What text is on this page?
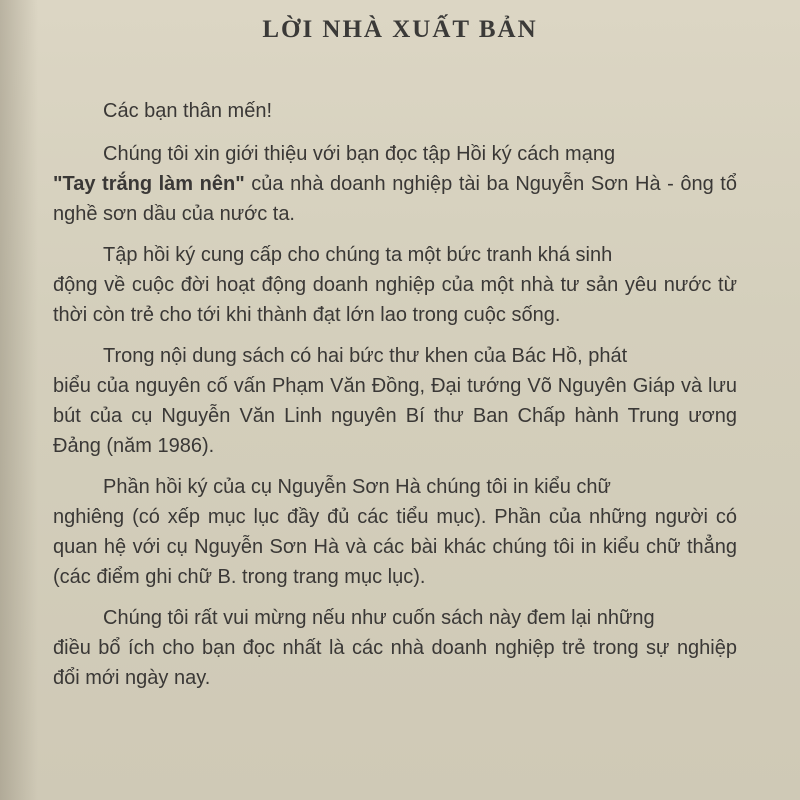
LỜI NHÀ XUẤT BẢN

Các bạn thân mến!

Chúng tôi xin giới thiệu với bạn đọc tập Hồi ký cách mạng
"Tay trắng làm nên" của nhà doanh nghiệp tài ba Nguyễn Sơn Hà - ông tổ nghề sơn dầu của nước ta.

Tập hồi ký cung cấp cho chúng ta một bức tranh khá sinh
động về cuộc đời hoạt động doanh nghiệp của một nhà tư sản yêu nước từ thời còn trẻ cho tới khi thành đạt lớn lao trong cuộc sống.

Trong nội dung sách có hai bức thư khen của Bác Hồ, phát
biểu của nguyên cố vấn Phạm Văn Đồng, Đại tướng Võ Nguyên Giáp và lưu bút của cụ Nguyễn Văn Linh nguyên Bí thư Ban Chấp hành Trung ương Đảng (năm 1986).

Phần hồi ký của cụ Nguyễn Sơn Hà chúng tôi in kiểu chữ
nghiêng (có xếp mục lục đầy đủ các tiểu mục). Phần của những người có quan hệ với cụ Nguyễn Sơn Hà và các bài khác chúng tôi in kiểu chữ thẳng (các điểm ghi chữ B. trong trang mục lục).

Chúng tôi rất vui mừng nếu như cuốn sách này đem lại những
điều bổ ích cho bạn đọc nhất là các nhà doanh nghiệp trẻ trong sự nghiệp đổi mới ngày nay.
